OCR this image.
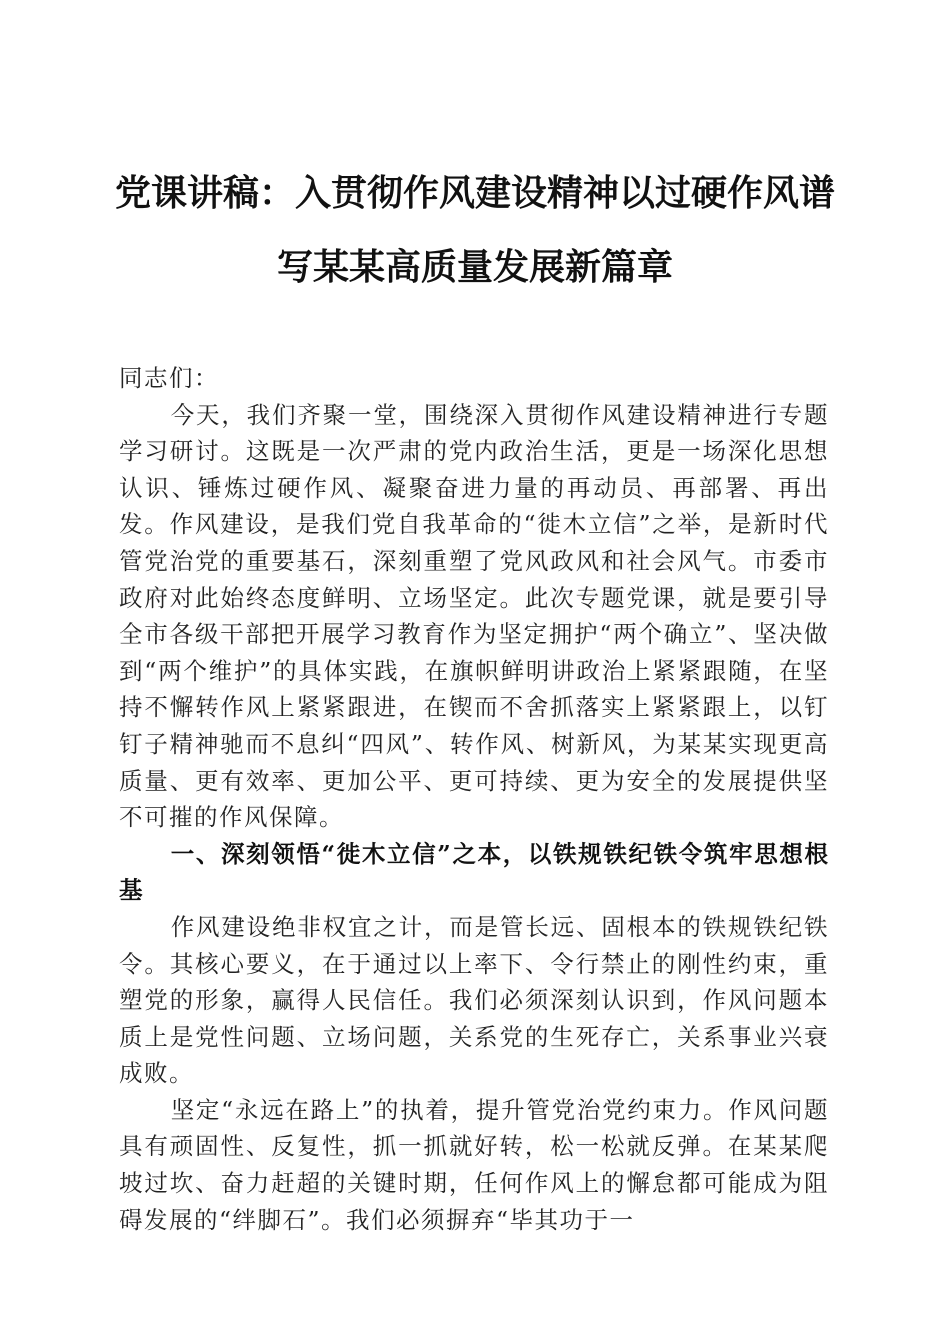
党课讲稿：入贯彻作风建设精神以过硬作风谱
写某某高质量发展新篇章

同志们：

今天，我们齐聚一堂，围绕深入贯彻作风建设精神进行专题学习研讨。这既是一次严肃的党内政治生活，更是一场深化思想认识、锤炼过硬作风、凝聚奋进力量的再动员、再部署、再出发。作风建设，是我们党自我革命的“徙木立信”之举，是新时代管党治党的重要基石，深刻重塑了党风政风和社会风气。市委市政府对此始终态度鲜明、立场坚定。此次专题党课，就是要引导全市各级干部把开展学习教育作为坚定拥护“两个确立”、坚决做到“两个维护”的具体实践，在旗帜鲜明讲政治上紧紧跟随，在坚持不懈转作风上紧紧跟进，在锲而不舍抓落实上紧紧跟上，以钉钉子精神驰而不息纠“四风”、转作风、树新风，为某某实现更高质量、更有效率、更加公平、更可持续、更为安全的发展提供坚不可摧的作风保障。

一、深刻领悟“徙木立信”之本，以铁规铁纪铁令筑牢思想根基

作风建设绝非权宜之计，而是管长远、固根本的铁规铁纪铁令。其核心要义，在于通过以上率下、令行禁止的刚性约束，重塑党的形象，赢得人民信任。我们必须深刻认识到，作风问题本质上是党性问题、立场问题，关系党的生死存亡，关系事业兴衰成败。

坚定“永远在路上”的执着，提升管党治党约束力。作风问题具有顽固性、反复性，抓一抓就好转，松一松就反弹。在某某爬坡过坎、奋力赶超的关键时期，任何作风上的懈怠都可能成为阻碍发展的“绊脚石”。我们必须摒弃“毕其功于一
